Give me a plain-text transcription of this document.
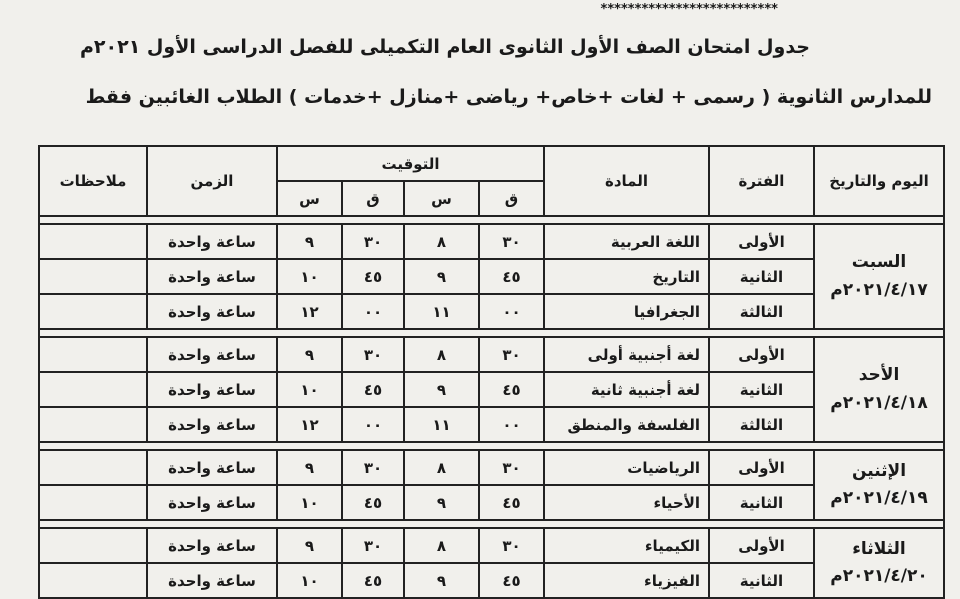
**************************
جدول امتحان الصف الأول الثانوى العام التكميلى للفصل الدراسى الأول ٢٠٢١م
للمدارس الثانوية ( رسمى + لغات +خاص+ رياضى +منازل +خدمات ) الطلاب الغائبين فقط
اليوم والتاريخ	الفترة	المادة	التوقيت				الزمن	ملاحظات
			ق	س	ق	س		

السبت
٢٠٢١/٤/١٧م	الأولى	اللغة العربية	٣٠	٨	٣٠	٩	ساعة واحدة	
	الثانية	التاريخ	٤٥	٩	٤٥	١٠	ساعة واحدة	
	الثالثة	الجغرافيا	٠٠	١١	٠٠	١٢	ساعة واحدة	

الأحد
٢٠٢١/٤/١٨م	الأولى	لغة أجنبية أولى	٣٠	٨	٣٠	٩	ساعة واحدة	
	الثانية	لغة أجنبية ثانية	٤٥	٩	٤٥	١٠	ساعة واحدة	
	الثالثة	الفلسفة والمنطق	٠٠	١١	٠٠	١٢	ساعة واحدة	

الإثنين
٢٠٢١/٤/١٩م	الأولى	الرياضيات	٣٠	٨	٣٠	٩	ساعة واحدة	
	الثانية	الأحياء	٤٥	٩	٤٥	١٠	ساعة واحدة	

الثلاثاء
٢٠٢١/٤/٢٠م	الأولى	الكيمياء	٣٠	٨	٣٠	٩	ساعة واحدة	
	الثانية	الفيزياء	٤٥	٩	٤٥	١٠	ساعة واحدة	
